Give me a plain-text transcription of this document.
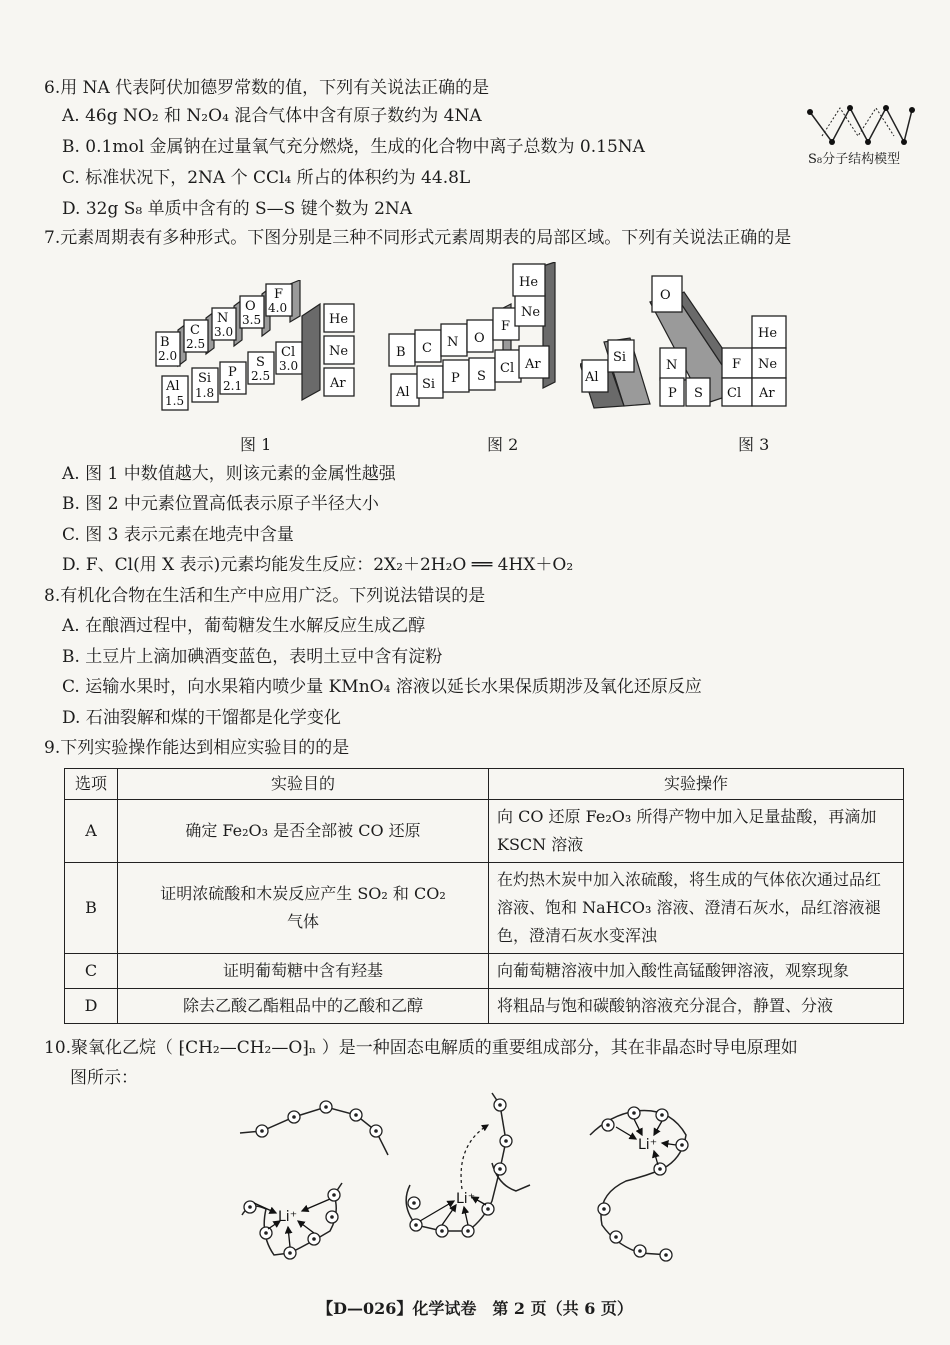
6.用 NA 代表阿伏加德罗常数的值，下列有关说法正确的是
A. 46g NO₂ 和 N₂O₄ 混合气体中含有原子数约为 4NA
B. 0.1mol 金属钠在过量氧气充分燃烧，生成的化合物中离子总数为 0.15NA
C. 标准状况下，2NA 个 CCl₄ 所占的体积约为 44.8L
D. 32g S₈ 单质中含有的 S—S 键个数为 2NA
S₈分子结构模型
7.元素周期表有多种形式。下图分别是三种不同形式元素周期表的局部区域。下列有关说法正确的是
B
2.0
C
2.5
N
3.0
O
3.5
F
4.0
Al
1.5
Si
1.8
P
2.1
S
2.5
Cl
3.0
He
Ne
Ar
B C N O
F
Ne
He
Al
Si P S
Cl Ar
O
Al
Si
N
P S
F
Cl
He
Ne
Ar
图 1	图 2	图 3
A. 图 1 中数值越大，则该元素的金属性越强
B. 图 2 中元素位置高低表示原子半径大小
C. 图 3 表示元素在地壳中含量
D. F、Cl(用 X 表示)元素均能发生反应：2X₂＋2H₂O ══ 4HX＋O₂
8.有机化合物在生活和生产中应用广泛。下列说法错误的是
A. 在酿酒过程中，葡萄糖发生水解反应生成乙醇
B. 土豆片上滴加碘酒变蓝色，表明土豆中含有淀粉
C. 运输水果时，向水果箱内喷少量 KMnO₄ 溶液以延长水果保质期涉及氧化还原反应
D. 石油裂解和煤的干馏都是化学变化
9.下列实验操作能达到相应实验目的的是
选项	实验目的	实验操作
A	确定 Fe₂O₃ 是否全部被 CO 还原	向 CO 还原 Fe₂O₃ 所得产物中加入足量盐酸，再滴加 KSCN 溶液
B	证明浓硫酸和木炭反应产生 SO₂ 和 CO₂ 气体	在灼热木炭中加入浓硫酸，将生成的气体依次通过品红溶液、饱和 NaHCO₃ 溶液、澄清石灰水，品红溶液褪色，澄清石灰水变浑浊
C	证明葡萄糖中含有羟基	向葡萄糖溶液中加入酸性高锰酸钾溶液，观察现象
D	除去乙酸乙酯粗品中的乙酸和乙醇	将粗品与饱和碳酸钠溶液充分混合，静置、分液
10.聚氧化乙烷（ ⁅CH₂—CH₂—O⁆ₙ ）是一种固态电解质的重要组成部分，其在非晶态时导电原理如
图所示：
Li⁺
Li⁺
Li⁺
【D—026】化学试卷　第 2 页（共 6 页）
